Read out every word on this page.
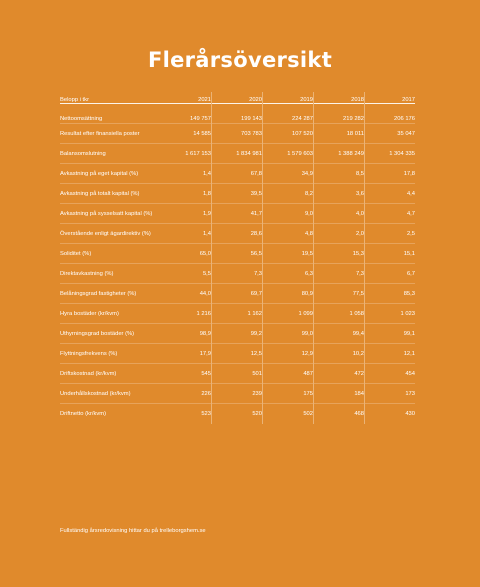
Flerårsöversikt
Belopp i tkr	2021		2020		2019		2018		2017
Nettoomsättning	149 757		199 143		224 287		219 282		206 176
Resultat efter finansiella poster	14 585		703 783		107 520		18 011		35 047
Balansomslutning	1 617 153		1 834 981		1 579 603		1 388 249		1 304 335
Avkastning på eget kapital (%)	1,4		67,8		34,9		8,5		17,8
Avkastning på totalt kapital (%)	1,8		39,5		8,2		3,6		4,4
Avkastning på sysselsatt kapital (%)	1,9		41,7		9,0		4,0		4,7
Överstående enligt ägardirektiv (%)	1,4		28,6		4,8		2,0		2,5
Soliditet (%)	65,0		56,5		19,5		15,3		15,1
Direktavkastning (%)	5,5		7,3		6,3		7,3		6,7
Belåningsgrad fastigheter (%)	44,0		69,7		80,9		77,5		85,3
Hyra bostäder (kr/kvm)	1 216		1 162		1 099		1 058		1 023
Uthyrningsgrad bostäder (%)	98,9		99,2		99,0		99,4		99,1
Flyttningsfrekvens (%)	17,9		12,5		12,9		10,2		12,1
Driftskostnad (kr/kvm)	545		501		487		472		454
Underhållskostnad (kr/kvm)	226		239		175		184		173
Driftnetto (kr/kvm)	523		520		502		468		430
Fullständig årsredovisning hittar du på trelleborgshem.se
